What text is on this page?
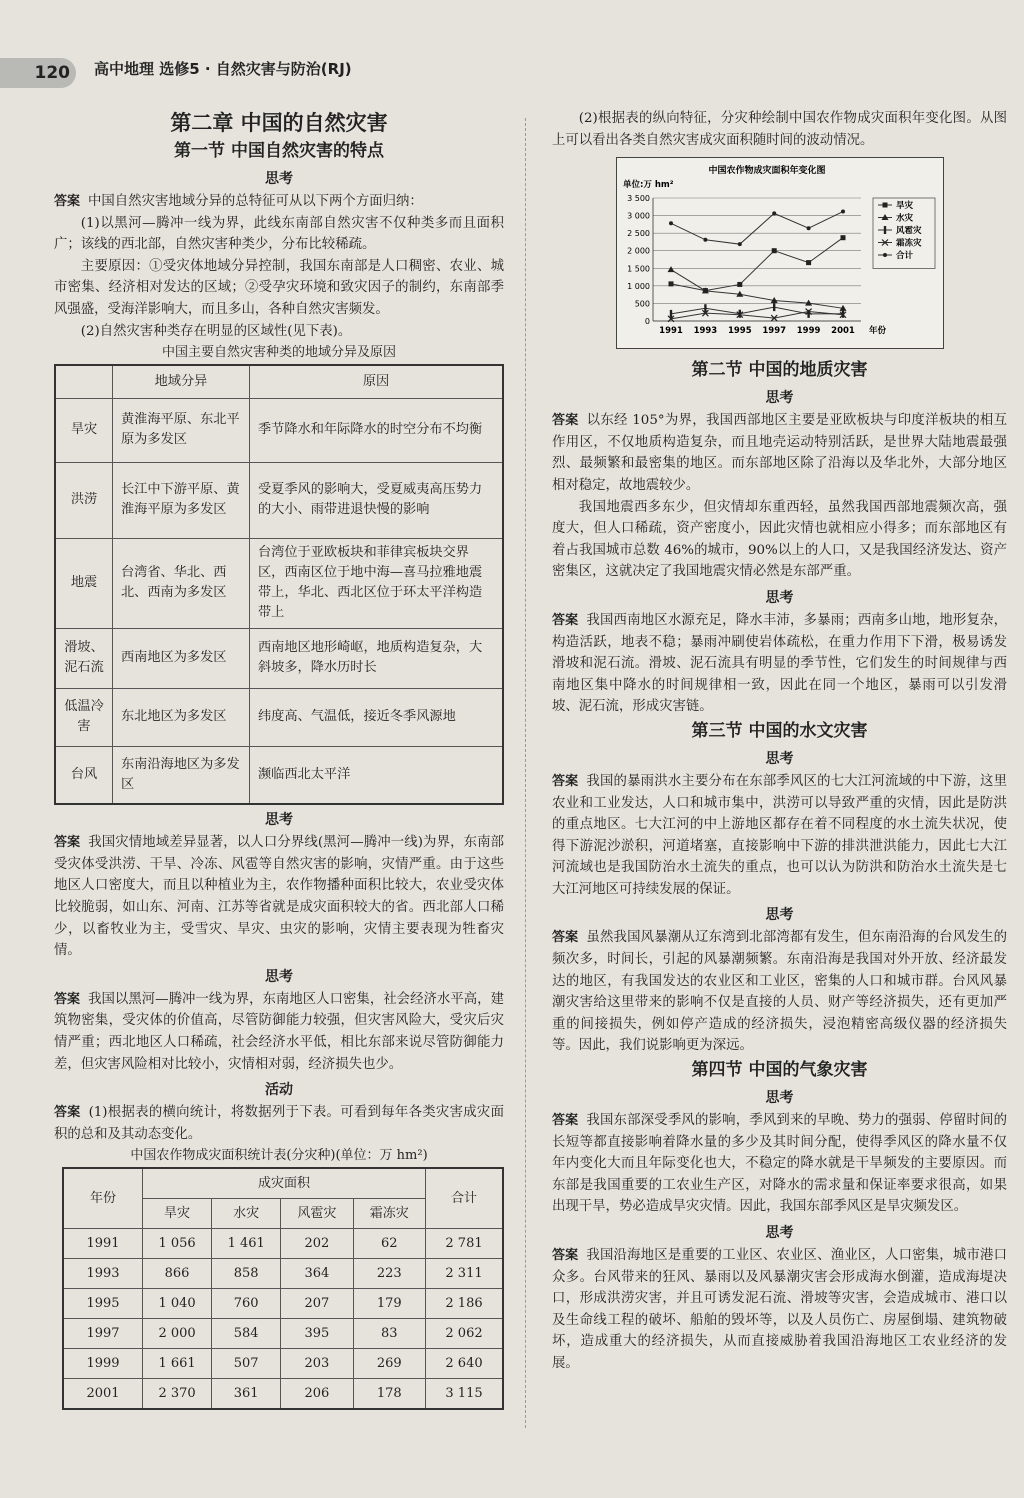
120	高中地理 选修5 · 自然灾害与防治(RJ)
第二章 中国的自然灾害
第一节 中国自然灾害的特点
思考

答案 中国自然灾害地域分异的总特征可从以下两个方面归纳：

(1)以黑河—腾冲一线为界，此线东南部自然灾害不仅种类多而且面积广；该线的西北部，自然灾害种类少，分布比较稀疏。

主要原因：①受灾体地域分异控制，我国东南部是人口稠密、农业、城市密集、经济相对发达的区域；②受孕灾环境和致灾因子的制约，东南部季风强盛，受海洋影响大，而且多山，各种自然灾害频发。

(2)自然灾害种类存在明显的区域性(见下表)。

中国主要自然灾害种类的地域分异及原因

	地域分异	原因
旱灾	黄淮海平原、东北平原为多发区	季节降水和年际降水的时空分布不均衡
洪涝	长江中下游平原、黄淮海平原为多发区	受夏季风的影响大，受夏威夷高压势力的大小、雨带进退快慢的影响
地震	台湾省、华北、西北、西南为多发区	台湾位于亚欧板块和菲律宾板块交界区，西南区位于地中海—喜马拉雅地震带上，华北、西北区位于环太平洋构造带上
滑坡、泥石流	西南地区为多发区	西南地区地形崎岖，地质构造复杂，大斜坡多，降水历时长
低温冷害	东北地区为多发区	纬度高、气温低，接近冬季风源地
台风	东南沿海地区为多发区	濒临西北太平洋
思考

答案 我国灾情地域差异显著，以人口分界线(黑河—腾冲一线)为界，东南部受灾体受洪涝、干旱、冷冻、风雹等自然灾害的影响，灾情严重。由于这些地区人口密度大，而且以种植业为主，农作物播种面积比较大，农业受灾体比较脆弱，如山东、河南、江苏等省就是成灾面积较大的省。西北部人口稀少，以畜牧业为主，受雪灾、旱灾、虫灾的影响，灾情主要表现为牲畜灾情。

思考

答案 我国以黑河—腾冲一线为界，东南地区人口密集，社会经济水平高，建筑物密集，受灾体的价值高，尽管防御能力较强，但灾害风险大，受灾后灾情严重；西北地区人口稀疏，社会经济水平低，相比东部来说尽管防御能力差，但灾害风险相对比较小，灾情相对弱，经济损失也少。

活动

答案 (1)根据表的横向统计，将数据列于下表。可看到每年各类灾害成灾面积的总和及其动态变化。

中国农作物成灾面积统计表(分灾种)(单位：万 hm²)

年份	成灾面积				合计
	旱灾	水灾	风雹灾	霜冻灾	
1991	1 056	1 461	202	62	2 781
1993	866	858	364	223	2 311
1995	1 040	760	207	179	2 186
1997	2 000	584	395	83	2 062
1999	1 661	507	203	269	2 640
2001	2 370	361	206	178	3 115

(2)根据表的纵向特征，分灾种绘制中国农作物成灾面积年变化图。从图上可以看出各类自然灾害成灾面积随时间的波动情况。

中国农作物成灾面积年变化图
单位:万 hm²
0
500
1 000
1 500
2 000
2 500
3 000
3 500
1991 1993 1995 1997 1999 2001 年份
旱灾
水灾
风雹灾
霜冻灾
合计
第二节 中国的地质灾害
思考

答案 以东经 105°为界，我国西部地区主要是亚欧板块与印度洋板块的相互作用区，不仅地质构造复杂，而且地壳运动特别活跃，是世界大陆地震最强烈、最频繁和最密集的地区。而东部地区除了沿海以及华北外，大部分地区相对稳定，故地震较少。

我国地震西多东少，但灾情却东重西轻，虽然我国西部地震频次高，强度大，但人口稀疏，资产密度小，因此灾情也就相应小得多；而东部地区有着占我国城市总数 46%的城市，90%以上的人口，又是我国经济发达、资产密集区，这就决定了我国地震灾情必然是东部严重。

思考

答案 我国西南地区水源充足，降水丰沛，多暴雨；西南多山地，地形复杂，构造活跃，地表不稳；暴雨冲刷使岩体疏松，在重力作用下下滑，极易诱发滑坡和泥石流。滑坡、泥石流具有明显的季节性，它们发生的时间规律与西南地区集中降水的时间规律相一致，因此在同一个地区，暴雨可以引发滑坡、泥石流，形成灾害链。

第三节 中国的水文灾害
思考

答案 我国的暴雨洪水主要分布在东部季风区的七大江河流域的中下游，这里农业和工业发达，人口和城市集中，洪涝可以导致严重的灾情，因此是防洪的重点地区。七大江河的中上游地区都存在着不同程度的水土流失状况，使得下游泥沙淤积，河道堵塞，直接影响中下游的排洪泄洪能力，因此七大江河流域也是我国防治水土流失的重点，也可以认为防洪和防治水土流失是七大江河地区可持续发展的保证。

思考

答案 虽然我国风暴潮从辽东湾到北部湾都有发生，但东南沿海的台风发生的频次多，时间长，引起的风暴潮频繁。东南沿海是我国对外开放、经济最发达的地区，有我国发达的农业区和工业区，密集的人口和城市群。台风风暴潮灾害给这里带来的影响不仅是直接的人员、财产等经济损失，还有更加严重的间接损失，例如停产造成的经济损失，浸泡精密高级仪器的经济损失等。因此，我们说影响更为深远。

第四节 中国的气象灾害
思考

答案 我国东部深受季风的影响，季风到来的早晚、势力的强弱、停留时间的长短等都直接影响着降水量的多少及其时间分配，使得季风区的降水量不仅年内变化大而且年际变化也大，不稳定的降水就是干旱频发的主要原因。而东部是我国重要的工农业生产区，对降水的需求量和保证率要求很高，如果出现干旱，势必造成旱灾灾情。因此，我国东部季风区是旱灾频发区。

思考

答案 我国沿海地区是重要的工业区、农业区、渔业区，人口密集，城市港口众多。台风带来的狂风、暴雨以及风暴潮灾害会形成海水倒灌，造成海堤决口，形成洪涝灾害，并且可诱发泥石流、滑坡等灾害，会造成城市、港口以及生命线工程的破坏、船舶的毁坏等，以及人员伤亡、房屋倒塌、建筑物破坏，造成重大的经济损失，从而直接威胁着我国沿海地区工农业经济的发展。
